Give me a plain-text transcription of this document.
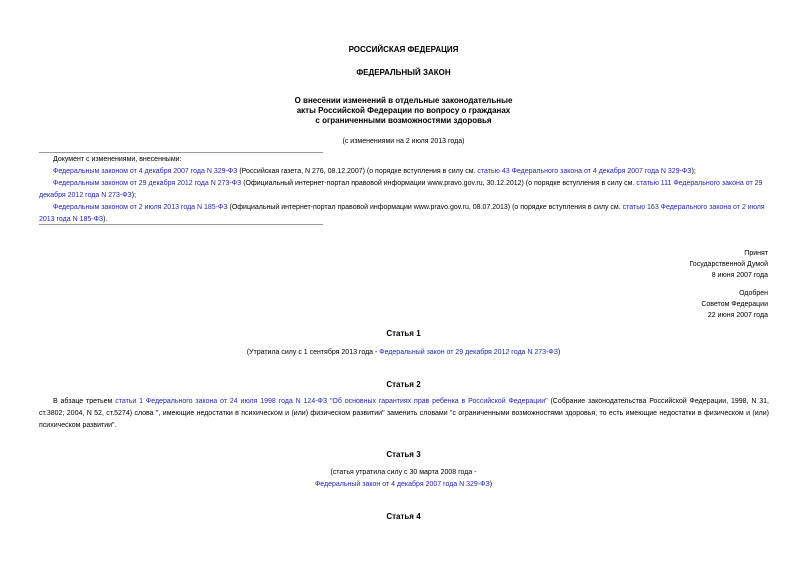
РОССИЙСКАЯ ФЕДЕРАЦИЯ
ФЕДЕРАЛЬНЫЙ ЗАКОН
О внесении изменений в отдельные законодательные
акты Российской Федерации по вопросу о гражданах
с ограниченными возможностями здоровья
(с изменениями на 2 июля 2013 года)
Документ с изменениями, внесенными:
Федеральным законом от 4 декабря 2007 года N 329-ФЗ (Российская газета, N 276, 08.12.2007) (о порядке вступления в силу см. статью 43 Федерального закона от 4 декабря 2007 года N 329-ФЗ);
Федеральным законом от 29 декабря 2012 года N 273-ФЗ (Официальный интернет-портал правовой информации www.pravo.gov.ru, 30.12.2012) (о порядке вступления в силу см. статью 111 Федерального закона от 29 декабря 2012 года N 273-ФЗ);
Федеральным законом от 2 июля 2013 года N 185-ФЗ (Официальный интернет-портал правовой информации www.pravo.gov.ru, 08.07.2013) (о порядке вступления в силу см. статью 163 Федерального закона от 2 июля 2013 года N 185-ФЗ).
Принят
Государственной Думой
8 июня 2007 года
Одобрен
Советом Федерации
22 июня 2007 года
Статья 1
(Утратила силу с 1 сентября 2013 года - Федеральный закон от 29 декабря 2012 года N 273-ФЗ)
Статья 2
В абзаце третьем статьи 1 Федерального закона от 24 июля 1998 года N 124-ФЗ "Об основных гарантиях прав ребенка в Российской Федерации" (Собрание законодательства Российской Федерации, 1998, N 31, ст.3802; 2004, N 52, ст.5274) слова ", имеющие недостатки в психическом и (или) физическом развитии" заменить словами "с ограниченными возможностями здоровья, то есть имеющие недостатки в физическом и (или) психическом развитии".
Статья 3
(статья утратила силу с 30 марта 2008 года -
Федеральный закон от 4 декабря 2007 года N 329-ФЗ)
Статья 4
